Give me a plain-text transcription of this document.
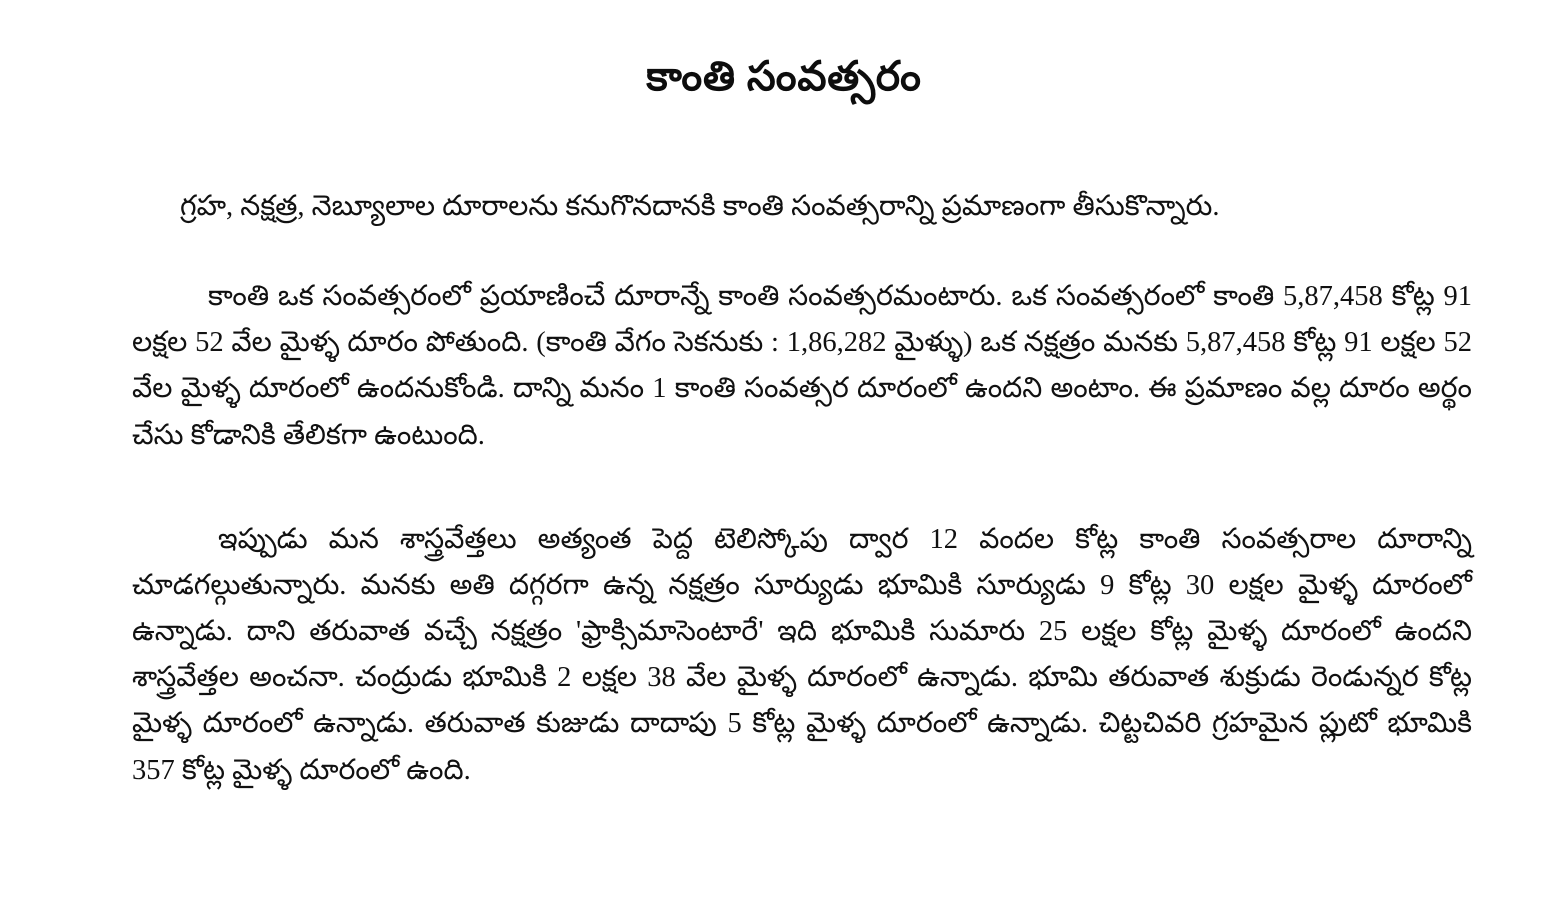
కాంతి సంవత్సరం

గ్రహ, నక్షత్ర, నెబ్యూలాల దూరాలను కనుగొనదానకి కాంతి సంవత్సరాన్ని ప్రమాణంగా తీసుకొన్నారు.

కాంతి ఒక సంవత్సరంలో ప్రయాణించే దూరాన్నే కాంతి సంవత్సరమంటారు. ఒక సంవత్సరంలో కాంతి 5,87,458 కోట్ల 91 లక్షల 52 వేల మైళ్ళ దూరం పోతుంది. (కాంతి వేగం సెకనుకు : 1,86,282 మైళ్ళు) ఒక నక్షత్రం మనకు 5,87,458 కోట్ల 91 లక్షల 52 వేల మైళ్ళ దూరంలో ఉందనుకోండి. దాన్ని మనం 1 కాంతి సంవత్సర దూరంలో ఉందని అంటాం. ఈ ప్రమాణం వల్ల దూరం అర్థం చేసు కోడానికి తేలికగా ఉంటుంది.

ఇప్పుడు మన శాస్త్రవేత్తలు అత్యంత పెద్ద టెలిస్కోపు ద్వార 12 వందల కోట్ల కాంతి సంవత్సరాల దూరాన్ని చూడగల్గుతున్నారు. మనకు అతి దగ్గరగా ఉన్న నక్షత్రం సూర్యుడు భూమికి సూర్యుడు 9 కోట్ల 30 లక్షల మైళ్ళ దూరంలో ఉన్నాడు. దాని తరువాత వచ్చే నక్షత్రం 'ఫ్రాక్సిమాసెంటారే' ఇది భూమికి సుమారు 25 లక్షల కోట్ల మైళ్ళ దూరంలో ఉందని శాస్త్రవేత్తల అంచనా. చంద్రుడు భూమికి 2 లక్షల 38 వేల మైళ్ళ దూరంలో ఉన్నాడు. భూమి తరువాత శుక్రుడు రెండున్నర కోట్ల మైళ్ళ దూరంలో ఉన్నాడు. తరువాత కుజుడు దాదాపు 5 కోట్ల మైళ్ళ దూరంలో ఉన్నాడు. చిట్టచివరి గ్రహమైన ప్లుటో భూమికి 357 కోట్ల మైళ్ళ దూరంలో ఉంది.
